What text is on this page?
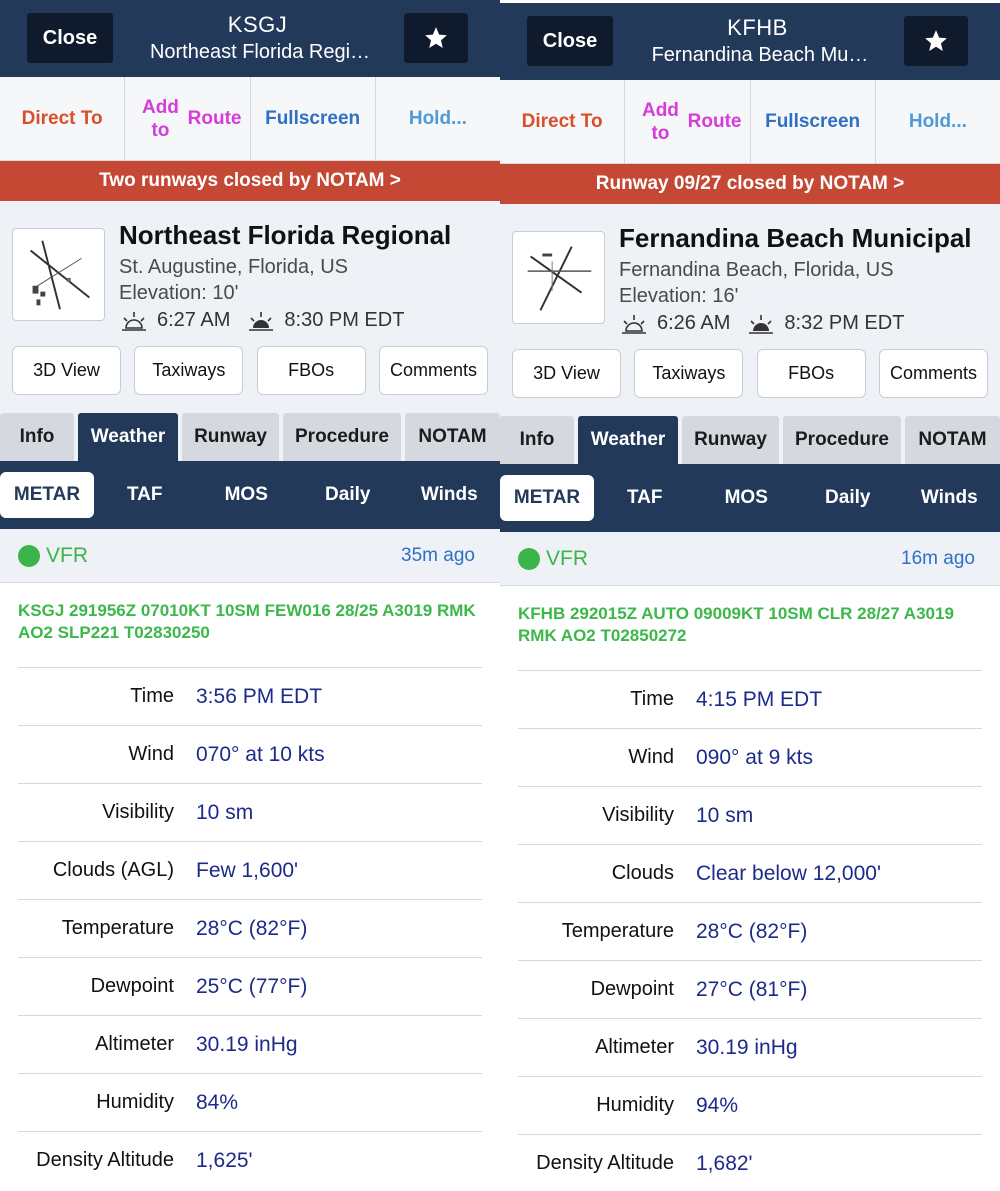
Close
KSGJ
Northeast Florida Regi…
Direct To
Add to

Route	Fullscreen	Hold...
Two runways closed by NOTAM >
Northeast Florida Regional
St. Augustine, Florida, US
Elevation: 10'
6:27 AM	8:30 PM EDT
3D View	Taxiways	FBOs	Comments
Info	Weather	Runway	Procedure	NOTAM
METAR	TAF	MOS	Daily	Winds
VFR	35m ago
KSGJ 291956Z 07010KT 10SM FEW016 28/25 A3019 RMK AO2 SLP221 T02830250
Time	3:56 PM EDT
Wind	070° at 10 kts
Visibility	10 sm
Clouds (AGL)	Few 1,600'
Temperature	28°C (82°F)
Dewpoint	25°C (77°F)
Altimeter	30.19 inHg
Humidity	84%
Density Altitude	1,625'
Close
KFHB
Fernandina Beach Mu…
Direct To
Add to

Route	Fullscreen	Hold...
Runway 09/27 closed by NOTAM >
Fernandina Beach Municipal
Fernandina Beach, Florida, US
Elevation: 16'
6:26 AM	8:32 PM EDT
3D View	Taxiways	FBOs	Comments
Info	Weather	Runway	Procedure	NOTAM
METAR	TAF	MOS	Daily	Winds
VFR	16m ago
KFHB 292015Z AUTO 09009KT 10SM CLR 28/27 A3019 RMK AO2 T02850272
Time	4:15 PM EDT
Wind	090° at 9 kts
Visibility	10 sm
Clouds	Clear below 12,000'
Temperature	28°C (82°F)
Dewpoint	27°C (81°F)
Altimeter	30.19 inHg
Humidity	94%
Density Altitude	1,682'
